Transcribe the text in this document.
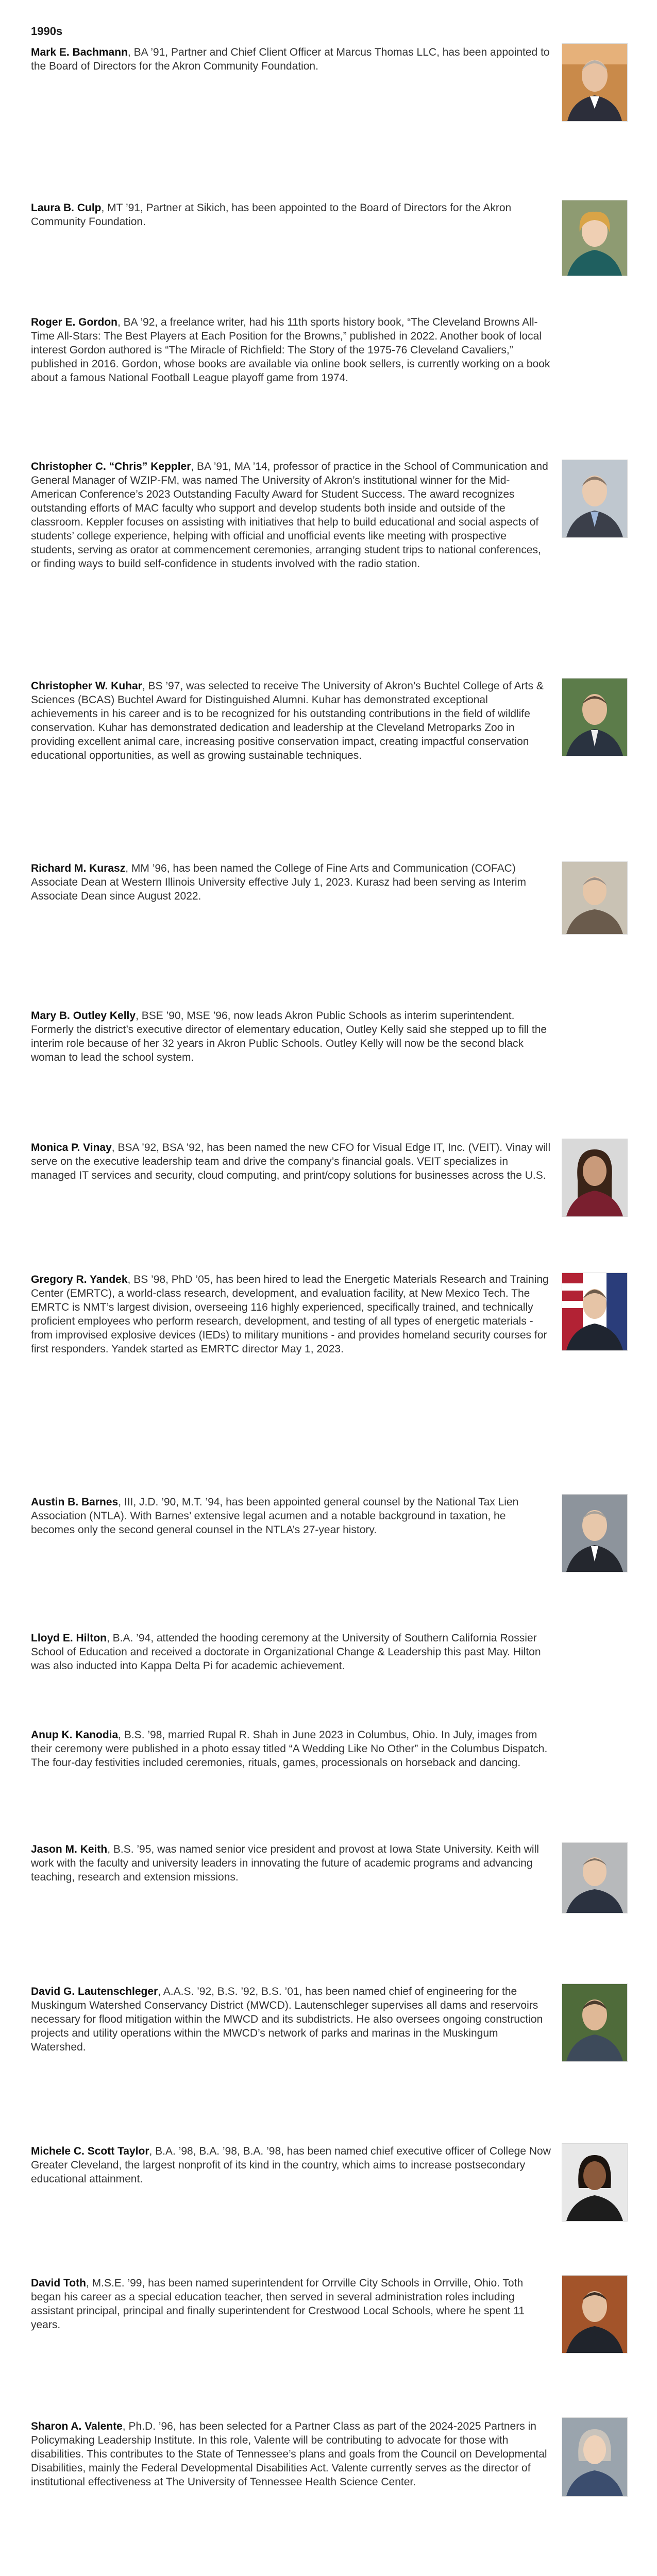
1990s
Mark E. Bachmann, BA ’91, Partner and Chief Client Officer at Marcus Thomas LLC, has been appointed to the Board of Directors for the Akron Community Foundation.
Laura B. Culp, MT ’91, Partner at Sikich, has been appointed to the Board of Directors for the Akron Community Foundation.
Roger E. Gordon, BA ’92, a freelance writer, had his 11th sports history book, “The Cleveland Browns All-Time All-Stars: The Best Players at Each Position for the Browns,” published in 2022. Another book of local interest Gordon authored is “The Miracle of Richfield: The Story of the 1975-76 Cleveland Cavaliers,” published in 2016. Gordon, whose books are available via online book sellers, is currently working on a book about a famous National Football League playoff game from 1974.
Christopher C. “Chris” Keppler, BA ’91, MA ’14, professor of practice in the School of Communication and General Manager of WZIP-FM, was named The University of Akron’s institutional winner for the Mid-American Conference’s 2023 Outstanding Faculty Award for Student Success. The award recognizes outstanding efforts of MAC faculty who support and develop students both inside and outside of the classroom. Keppler focuses on assisting with initiatives that help to build educational and social aspects of students’ college experience, helping with official and unofficial events like meeting with prospective students, serving as orator at commencement ceremonies, arranging student trips to national conferences, or finding ways to build self-confidence in students involved with the radio station.
Christopher W. Kuhar, BS ’97, was selected to receive The University of Akron’s Buchtel College of Arts & Sciences (BCAS) Buchtel Award for Distinguished Alumni. Kuhar has demonstrated exceptional achievements in his career and is to be recognized for his outstanding contributions in the field of wildlife conservation. Kuhar has demonstrated dedication and leadership at the Cleveland Metroparks Zoo in providing excellent animal care, increasing positive conservation impact, creating impactful conservation educational opportunities, as well as growing sustainable techniques.
Richard M. Kurasz, MM ’96, has been named the College of Fine Arts and Communication (COFAC) Associate Dean at Western Illinois University effective July 1, 2023. Kurasz had been serving as Interim Associate Dean since August 2022.
Mary B. Outley Kelly, BSE ’90, MSE ’96, now leads Akron Public Schools as interim superintendent. Formerly the district’s executive director of elementary education, Outley Kelly said she stepped up to fill the interim role because of her 32 years in Akron Public Schools. Outley Kelly will now be the second black woman to lead the school system.
Monica P. Vinay, BSA ’92, BSA ’92, has been named the new CFO for Visual Edge IT, Inc. (VEIT). Vinay will serve on the executive leadership team and drive the company’s financial goals. VEIT specializes in managed IT services and security, cloud computing, and print/copy solutions for businesses across the U.S.
Gregory R. Yandek, BS ’98, PhD ’05, has been hired to lead the Energetic Materials Research and Training Center (EMRTC), a world-class research, development, and evaluation facility, at New Mexico Tech. The EMRTC is NMT’s largest division, overseeing 116 highly experienced, specifically trained, and technically proficient employees who perform research, development, and testing of all types of energetic materials - from improvised explosive devices (IEDs) to military munitions - and provides homeland security courses for first responders. Yandek started as EMRTC director May 1, 2023.
Austin B. Barnes, III, J.D. ’90, M.T. ’94, has been appointed general counsel by the National Tax Lien Association (NTLA). With Barnes’ extensive legal acumen and a notable background in taxation, he becomes only the second general counsel in the NTLA’s 27-year history.
Lloyd E. Hilton, B.A. ’94, attended the hooding ceremony at the University of Southern California Rossier School of Education and received a doctorate in Organizational Change & Leadership this past May. Hilton was also inducted into Kappa Delta Pi for academic achievement.
Anup K. Kanodia, B.S. ’98, married Rupal R. Shah in June 2023 in Columbus, Ohio. In July, images from their ceremony were published in a photo essay titled “A Wedding Like No Other” in the Columbus Dispatch. The four-day festivities included ceremonies, rituals, games, processionals on horseback and dancing.
Jason M. Keith, B.S. ’95, was named senior vice president and provost at Iowa State University. Keith will work with the faculty and university leaders in innovating the future of academic programs and advancing teaching, research and extension missions.
David G. Lautenschleger, A.A.S. ’92, B.S. ’92, B.S. ’01, has been named chief of engineering for the Muskingum Watershed Conservancy District (MWCD). Lautenschleger supervises all dams and reservoirs necessary for flood mitigation within the MWCD and its subdistricts. He also oversees ongoing construction projects and utility operations within the MWCD’s network of parks and marinas in the Muskingum Watershed.
Michele C. Scott Taylor, B.A. ’98, B.A. ’98, B.A. ’98, has been named chief executive officer of College Now Greater Cleveland, the largest nonprofit of its kind in the country, which aims to increase postsecondary educational attainment.
David Toth, M.S.E. ’99, has been named superintendent for Orrville City Schools in Orrville, Ohio. Toth began his career as a special education teacher, then served in several administration roles including assistant principal, principal and finally superintendent for Crestwood Local Schools, where he spent 11 years.
Sharon A. Valente, Ph.D. ’96, has been selected for a Partner Class as part of the 2024-2025 Partners in Policymaking Leadership Institute. In this role, Valente will be contributing to advocate for those with disabilities. This contributes to the State of Tennessee’s plans and goals from the Council on Developmental Disabilities, mainly the Federal Developmental Disabilities Act. Valente currently serves as the director of institutional effectiveness at The University of Tennessee Health Science Center.
